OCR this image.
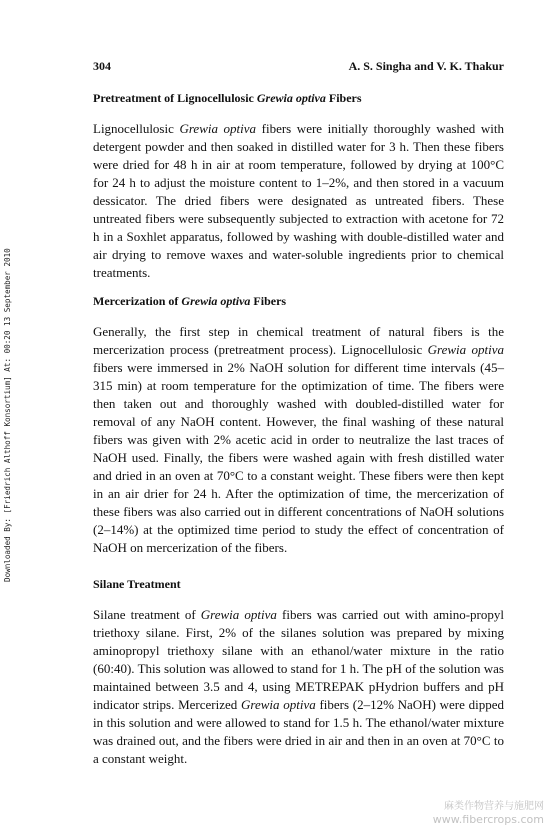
Downloaded By: [Friedrich Althoff Konsortium] At: 00:20 13 September 2010
304	A. S. Singha and V. K. Thakur
Pretreatment of Lignocellulosic Grewia optiva Fibers
Lignocellulosic Grewia optiva fibers were initially thoroughly washed with detergent powder and then soaked in distilled water for 3 h. Then these fibers were dried for 48 h in air at room temperature, followed by drying at 100°C for 24 h to adjust the moisture content to 1–2%, and then stored in a vacuum dessicator. The dried fibers were designated as untreated fibers. These untreated fibers were subsequently subjected to extraction with acetone for 72 h in a Soxhlet apparatus, followed by washing with double-distilled water and air drying to remove waxes and water-soluble ingredients prior to chemical treatments.
Mercerization of Grewia optiva Fibers
Generally, the first step in chemical treatment of natural fibers is the mercerization process (pretreatment process). Lignocellulosic Grewia optiva fibers were immersed in 2% NaOH solution for different time intervals (45–315 min) at room temperature for the optimization of time. The fibers were then taken out and thoroughly washed with doubled-distilled water for removal of any NaOH content. However, the final washing of these natural fibers was given with 2% acetic acid in order to neutralize the last traces of NaOH used. Finally, the fibers were washed again with fresh distilled water and dried in an oven at 70°C to a constant weight. These fibers were then kept in an air drier for 24 h. After the optimization of time, the mercerization of these fibers was also carried out in different concentrations of NaOH solutions (2–14%) at the optimized time period to study the effect of concentration of NaOH on mercerization of the fibers.
Silane Treatment
Silane treatment of Grewia optiva fibers was carried out with amino-propyl triethoxy silane. First, 2% of the silanes solution was prepared by mixing aminopropyl triethoxy silane with an ethanol/water mixture in the ratio (60:40). This solution was allowed to stand for 1 h. The pH of the solution was maintained between 3.5 and 4, using METREPAK pHydrion buffers and pH indicator strips. Mercerized Grewia optiva fibers (2–12% NaOH) were dipped in this solution and were allowed to stand for 1.5 h. The ethanol/water mixture was drained out, and the fibers were dried in air and then in an oven at 70°C to a constant weight.
麻类作物营养与施肥网
www.fibercrops.com
